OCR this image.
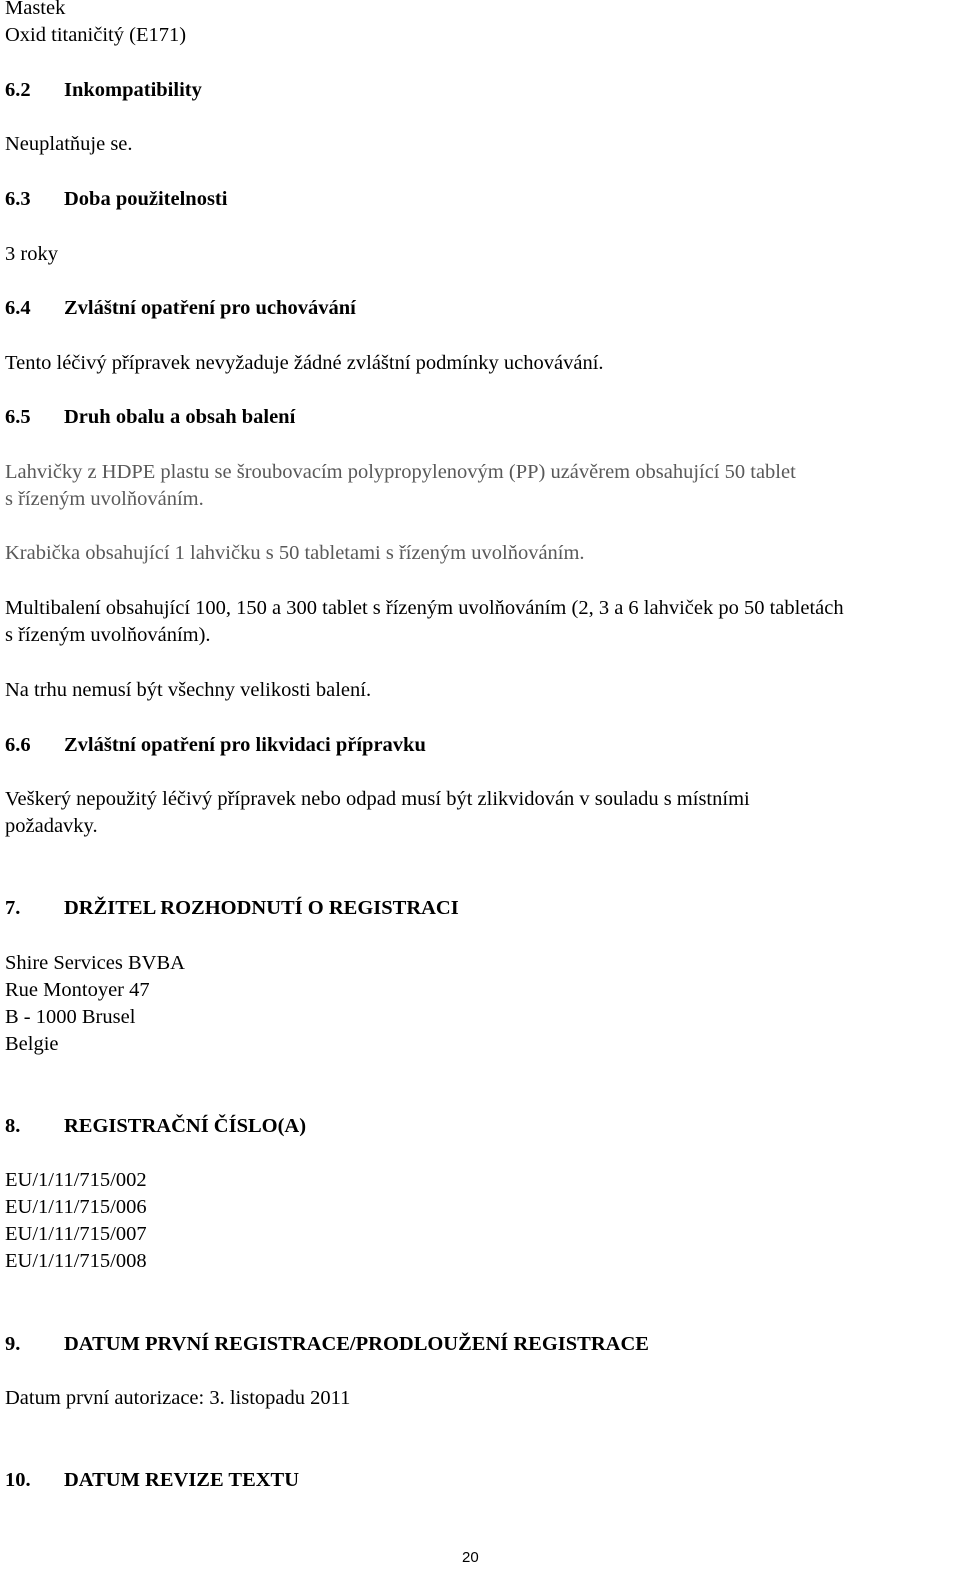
Mastek
Oxid titaničitý (E171)
6.2 Inkompatibility
Neuplatňuje se.
6.3 Doba použitelnosti
3 roky
6.4 Zvláštní opatření pro uchovávání
Tento léčivý přípravek nevyžaduje žádné zvláštní podmínky uchovávání.
6.5 Druh obalu a obsah balení
Lahvičky z HDPE plastu se šroubovacím polypropylenovým (PP) uzávěrem obsahující 50 tablet
s řízeným uvolňováním.
Krabička obsahující 1 lahvičku s 50 tabletami s řízeným uvolňováním.
Multibalení obsahující 100, 150 a 300 tablet s řízeným uvolňováním (2, 3 a 6 lahviček po 50 tabletách
s řízeným uvolňováním).
Na trhu nemusí být všechny velikosti balení.
6.6 Zvláštní opatření pro likvidaci přípravku
Veškerý nepoužitý léčivý přípravek nebo odpad musí být zlikvidován v souladu s místními
požadavky.
7. DRŽITEL ROZHODNUTÍ O REGISTRACI
Shire Services BVBA
Rue Montoyer 47
B - 1000 Brusel
Belgie
8. REGISTRAČNÍ ČÍSLO(A)
EU/1/11/715/002
EU/1/11/715/006
EU/1/11/715/007
EU/1/11/715/008
9. DATUM PRVNÍ REGISTRACE/PRODLOUŽENÍ REGISTRACE
Datum první autorizace: 3. listopadu 2011
10. DATUM REVIZE TEXTU
20
